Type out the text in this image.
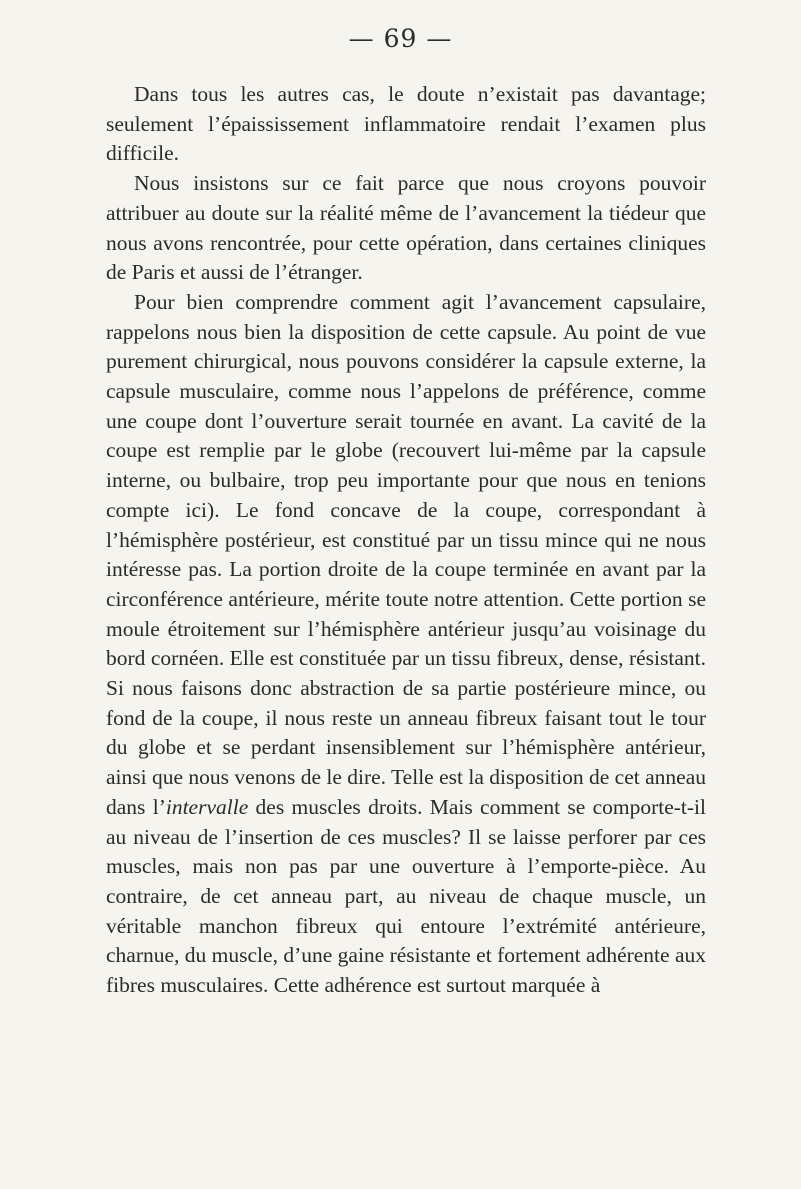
— 69 —

Dans tous les autres cas, le doute n’existait pas davantage; seulement l’épaississement inflammatoire rendait l’examen plus difficile.

Nous insistons sur ce fait parce que nous croyons pouvoir attribuer au doute sur la réalité même de l’avancement la tiédeur que nous avons rencontrée, pour cette opération, dans certaines cliniques de Paris et aussi de l’étranger.

Pour bien comprendre comment agit l’avancement capsulaire, rappelons nous bien la disposition de cette capsule. Au point de vue purement chirurgical, nous pouvons considérer la capsule externe, la capsule musculaire, comme nous l’appelons de préférence, comme une coupe dont l’ouverture serait tournée en avant. La cavité de la coupe est remplie par le globe (recouvert lui-même par la capsule interne, ou bulbaire, trop peu importante pour que nous en tenions compte ici). Le fond concave de la coupe, correspondant à l’hémisphère postérieur, est constitué par un tissu mince qui ne nous intéresse pas. La portion droite de la coupe terminée en avant par la circonférence antérieure, mérite toute notre attention. Cette portion se moule étroitement sur l’hémisphère antérieur jusqu’au voisinage du bord cornéen. Elle est constituée par un tissu fibreux, dense, résistant. Si nous faisons donc abstraction de sa partie postérieure mince, ou fond de la coupe, il nous reste un anneau fibreux faisant tout le tour du globe et se perdant insensiblement sur l’hémisphère antérieur, ainsi que nous venons de le dire. Telle est la disposition de cet anneau dans l’intervalle des muscles droits. Mais comment se comporte-t-il au niveau de l’insertion de ces muscles? Il se laisse perforer par ces muscles, mais non pas par une ouverture à l’emporte-pièce. Au contraire, de cet anneau part, au niveau de chaque muscle, un véritable manchon fibreux qui entoure l’extrémité antérieure, charnue, du muscle, d’une gaine résistante et fortement adhérente aux fibres musculaires. Cette adhérence est surtout marquée à
